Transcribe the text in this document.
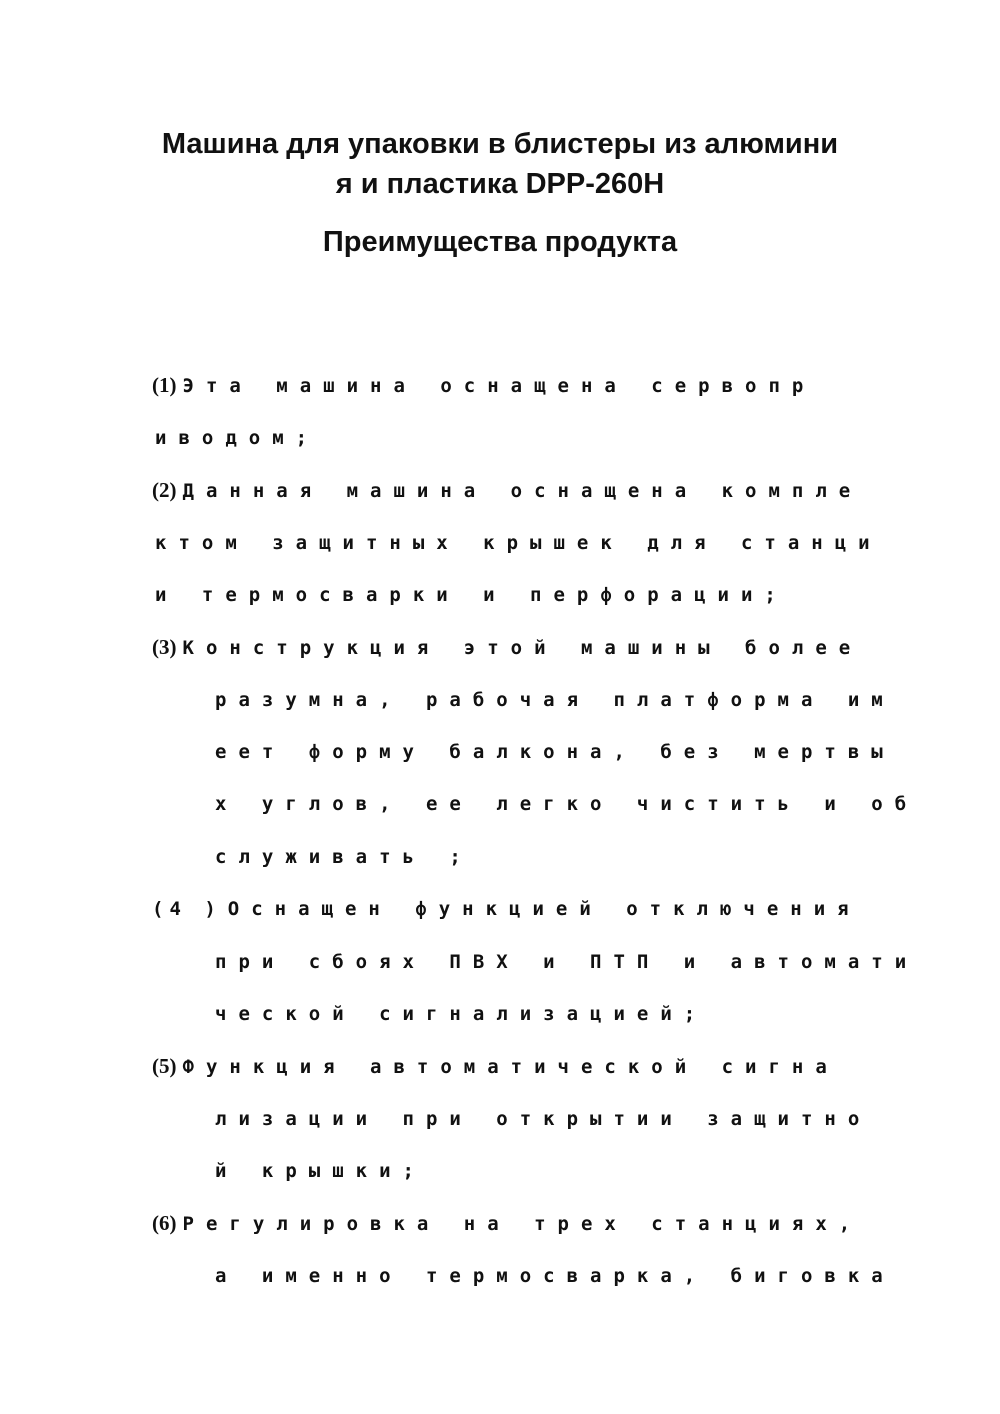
Машина для упаковки в блистеры из алюмини
я и пластика DPP-260H
Преимущества продукта
(1) Эта машина оснащена сервопр
иводом;
(2) Данная машина оснащена компле
ктом защитных крышек для станци
и термосварки и перфорации;
(3) Конструкция этой машины более
разумна, рабочая платформа им
еет форму балкона, без мертвы
х углов, ее легко чистить и об
служивать ;
(4 ) Оснащен функцией отключения
при сбоях ПВХ и ПТП и автомати
ческой сигнализацией;
(5) Функция автоматической сигна
лизации при открытии защитно
й крышки;
(6) Регулировка на трех станциях,
а именно термосварка, биговка
